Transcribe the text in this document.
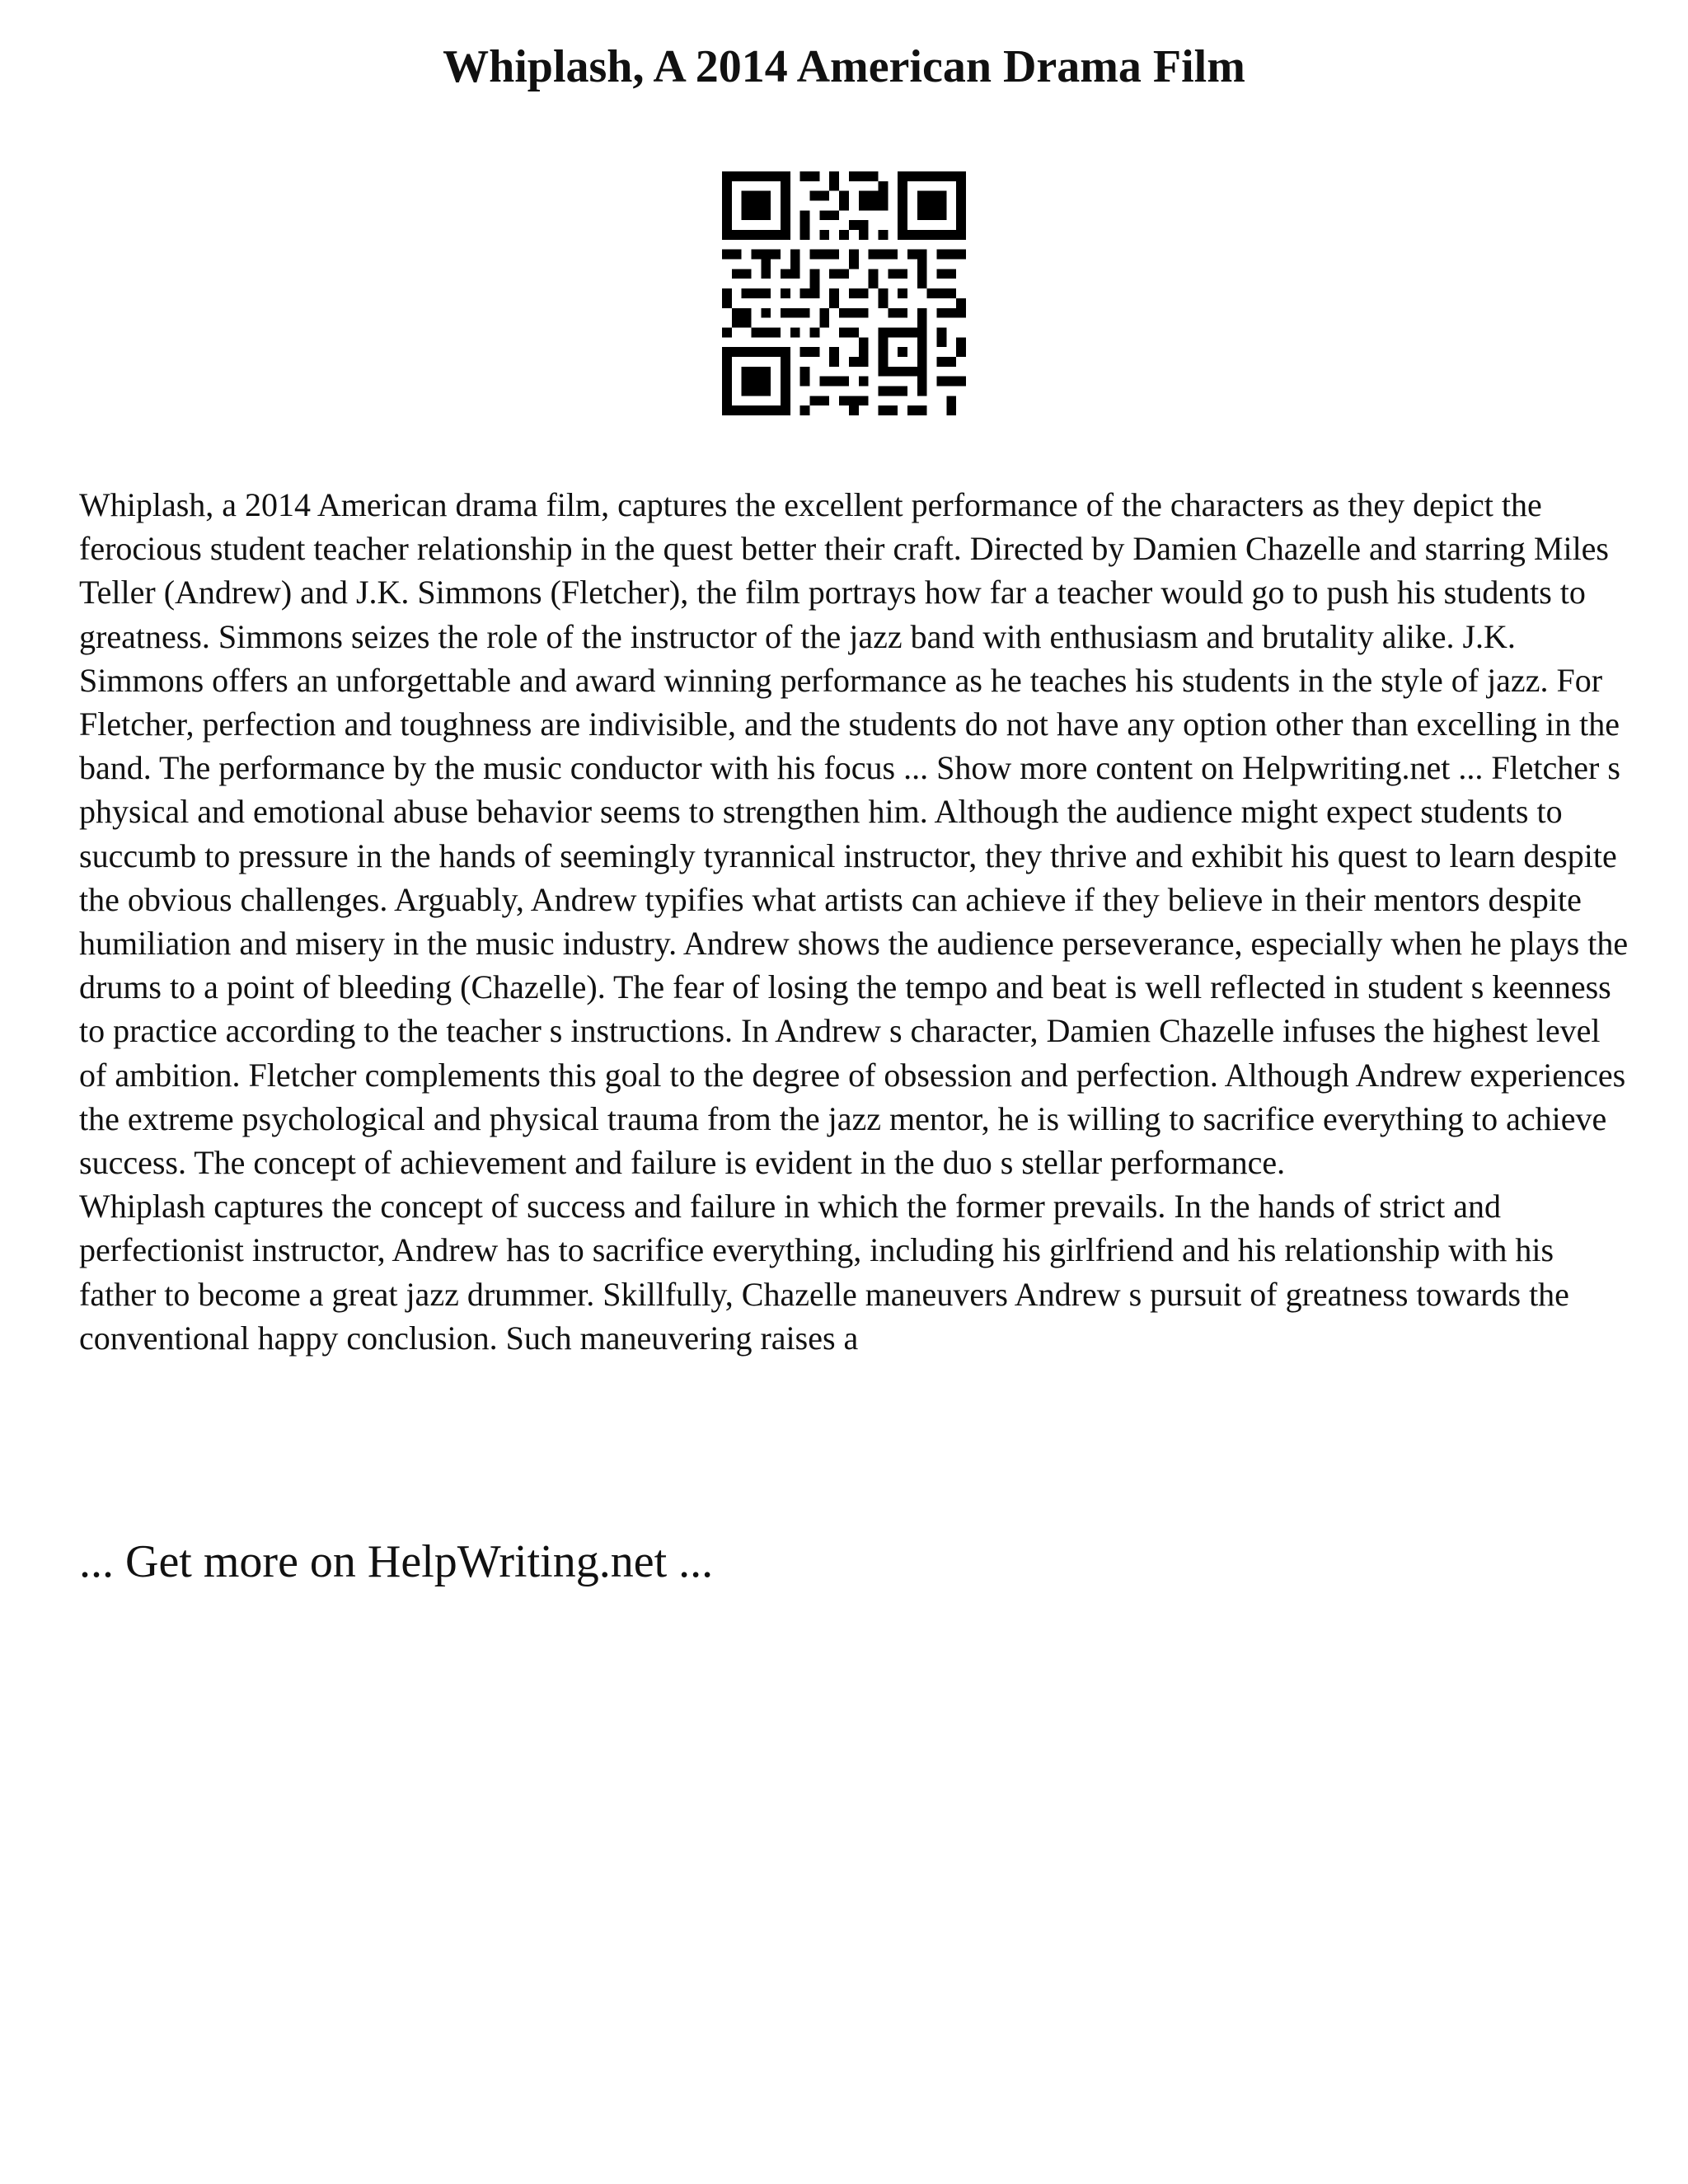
Whiplash, A 2014 American Drama Film

Whiplash, a 2014 American drama film, captures the excellent performance of the characters as they depict the ferocious student teacher relationship in the quest better their craft. Directed by Damien Chazelle and starring Miles Teller (Andrew) and J.K. Simmons (Fletcher), the film portrays how far a teacher would go to push his students to greatness. Simmons seizes the role of the instructor of the jazz band with enthusiasm and brutality alike. J.K. Simmons offers an unforgettable and award winning performance as he teaches his students in the style of jazz. For Fletcher, perfection and toughness are indivisible, and the students do not have any option other than excelling in the band. The performance by the music conductor with his focus ... Show more content on Helpwriting.net ... Fletcher s physical and emotional abuse behavior seems to strengthen him. Although the audience might expect students to succumb to pressure in the hands of seemingly tyrannical instructor, they thrive and exhibit his quest to learn despite the obvious challenges. Arguably, Andrew typifies what artists can achieve if they believe in their mentors despite humiliation and misery in the music industry. Andrew shows the audience perseverance, especially when he plays the drums to a point of bleeding (Chazelle). The fear of losing the tempo and beat is well reflected in student s keenness to practice according to the teacher s instructions. In Andrew s character, Damien Chazelle infuses the highest level of ambition. Fletcher complements this goal to the degree of obsession and perfection. Although Andrew experiences the extreme psychological and physical trauma from the jazz mentor, he is willing to sacrifice everything to achieve success. The concept of achievement and failure is evident in the duo s stellar performance.

Whiplash captures the concept of success and failure in which the former prevails. In the hands of strict and perfectionist instructor, Andrew has to sacrifice everything, including his girlfriend and his relationship with his father to become a great jazz drummer. Skillfully, Chazelle maneuvers Andrew s pursuit of greatness towards the conventional happy conclusion. Such maneuvering raises a

... Get more on HelpWriting.net ...
